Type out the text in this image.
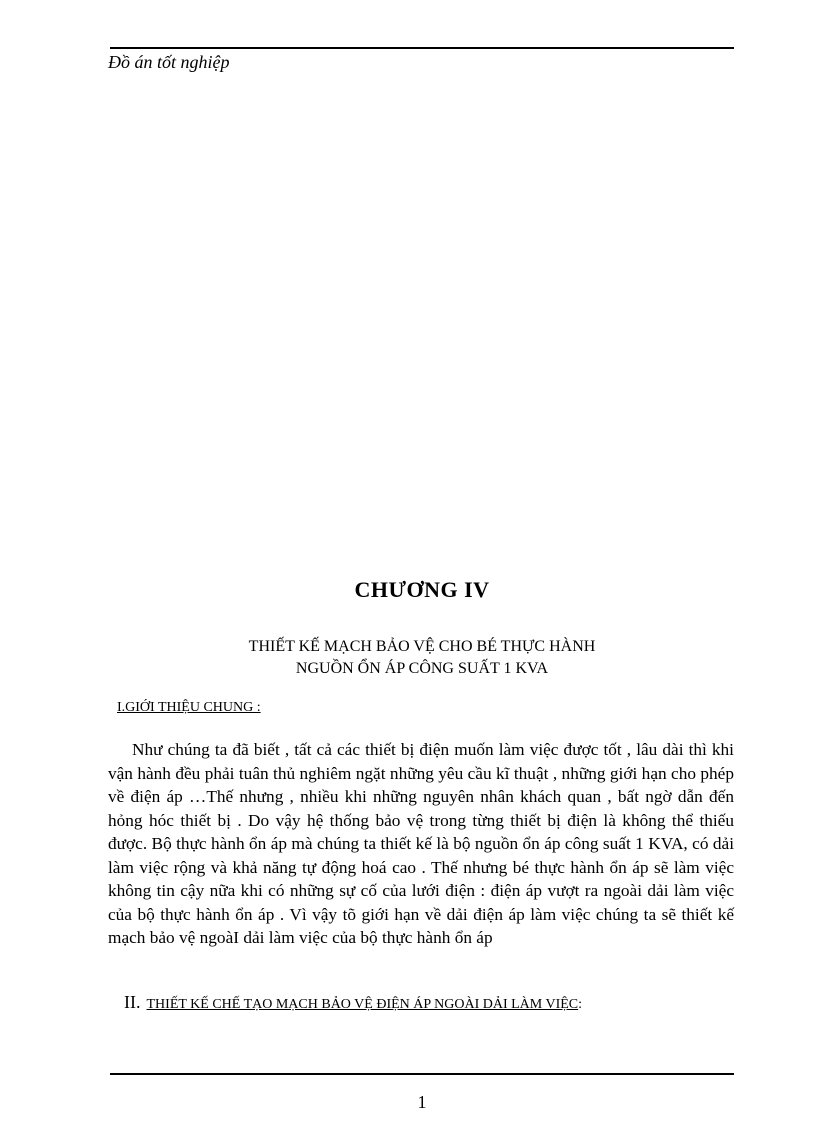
Đồ án tốt nghiệp
CHƯƠNG IV
THIẾT KẾ MẠCH BẢO VỆ CHO BÉ THỰC HÀNH
NGUỒN ỔN ÁP CÔNG SUẤT 1 KVA
I.GIỚI THIỆU CHUNG :

Như chúng ta đã biết , tất cả các thiết bị điện muốn làm việc được tốt , lâu dài thì khi vận hành đều phải tuân thủ nghiêm ngặt những yêu cầu kĩ thuật , những giới hạn cho phép về điện áp …Thế nhưng , nhiều khi những nguyên nhân khách quan , bất ngờ dẫn đến hỏng hóc thiết bị . Do vậy hệ thống bảo vệ trong từng thiết bị điện là không thể thiếu được. Bộ thực hành ổn áp mà chúng ta thiết kế là bộ nguồn ổn áp công suất 1 KVA, có dải làm việc rộng và khả năng tự động hoá cao . Thế nhưng bé thực hành ổn áp sẽ làm việc không tin cậy nữa khi có những sự cố của lưới điện : điện áp vượt ra ngoài dải làm việc của bộ thực hành ổn áp . Vì vậy tõ giới hạn về dải điện áp làm việc chúng ta sẽ thiết kế mạch bảo vệ ngoàI dải làm việc của bộ thực hành ổn áp

II. THIẾT KẾ CHẾ TẠO MẠCH BẢO VỆ ĐIỆN ÁP NGOÀI DẢI LÀM VIỆC:
1
